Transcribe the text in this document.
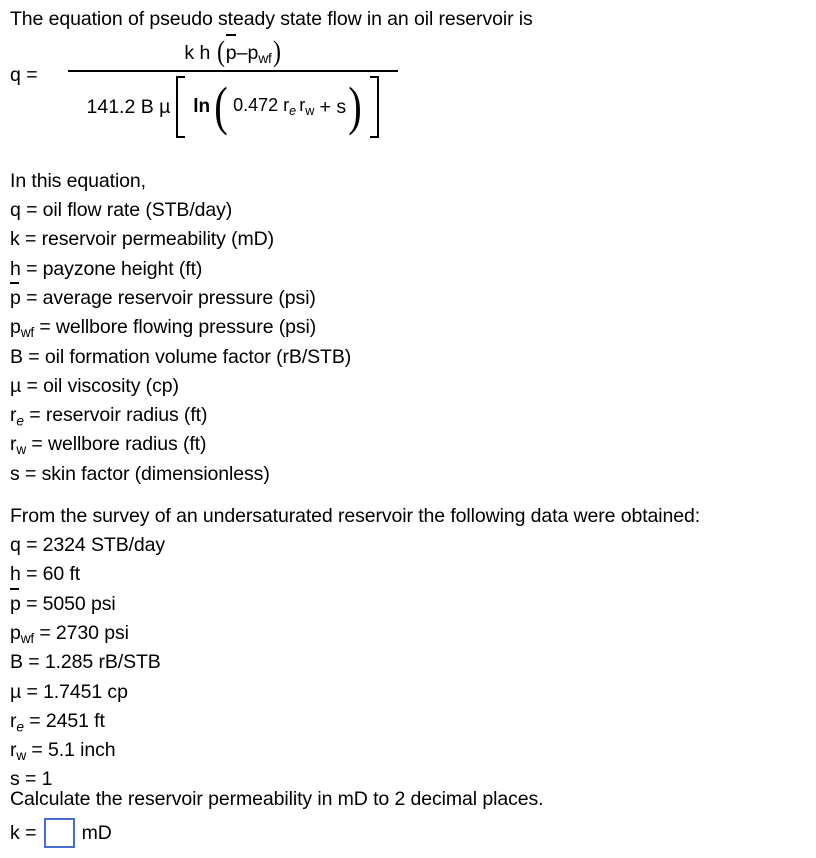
The equation of pseudo steady state flow in an oil reservoir is
q =
k h (
$p-p_{wf}$)
141.2 B
µ

ln ( 0.472 $r_e$ $r_w$
+ s )

In this equation,
q = oil flow rate (STB/day)
k = reservoir permeability (mD)
h = payzone height (ft)
p = average reservoir pressure (psi)
$p_{wf}$ = wellbore flowing pressure (psi)
B = oil formation volume factor (rB/STB)
µ = oil viscosity (cp)
$r_e$ = reservoir radius (ft)
$r_w$ = wellbore radius (ft)
s = skin factor (dimensionless)
From the survey of an undersaturated reservoir the following data were obtained:
q = 2324 STB/day
h = 60 ft
p = 5050 psi
$p_{wf} = 2730$ psi
B = 1.285 rB/STB
µ = 1.7451 cp
$r_e = 2451$ ft
$r_w = 5.1$ inch
s = 1
Calculate the reservoir permeability in mD to 2 decimal places.
k = mD
